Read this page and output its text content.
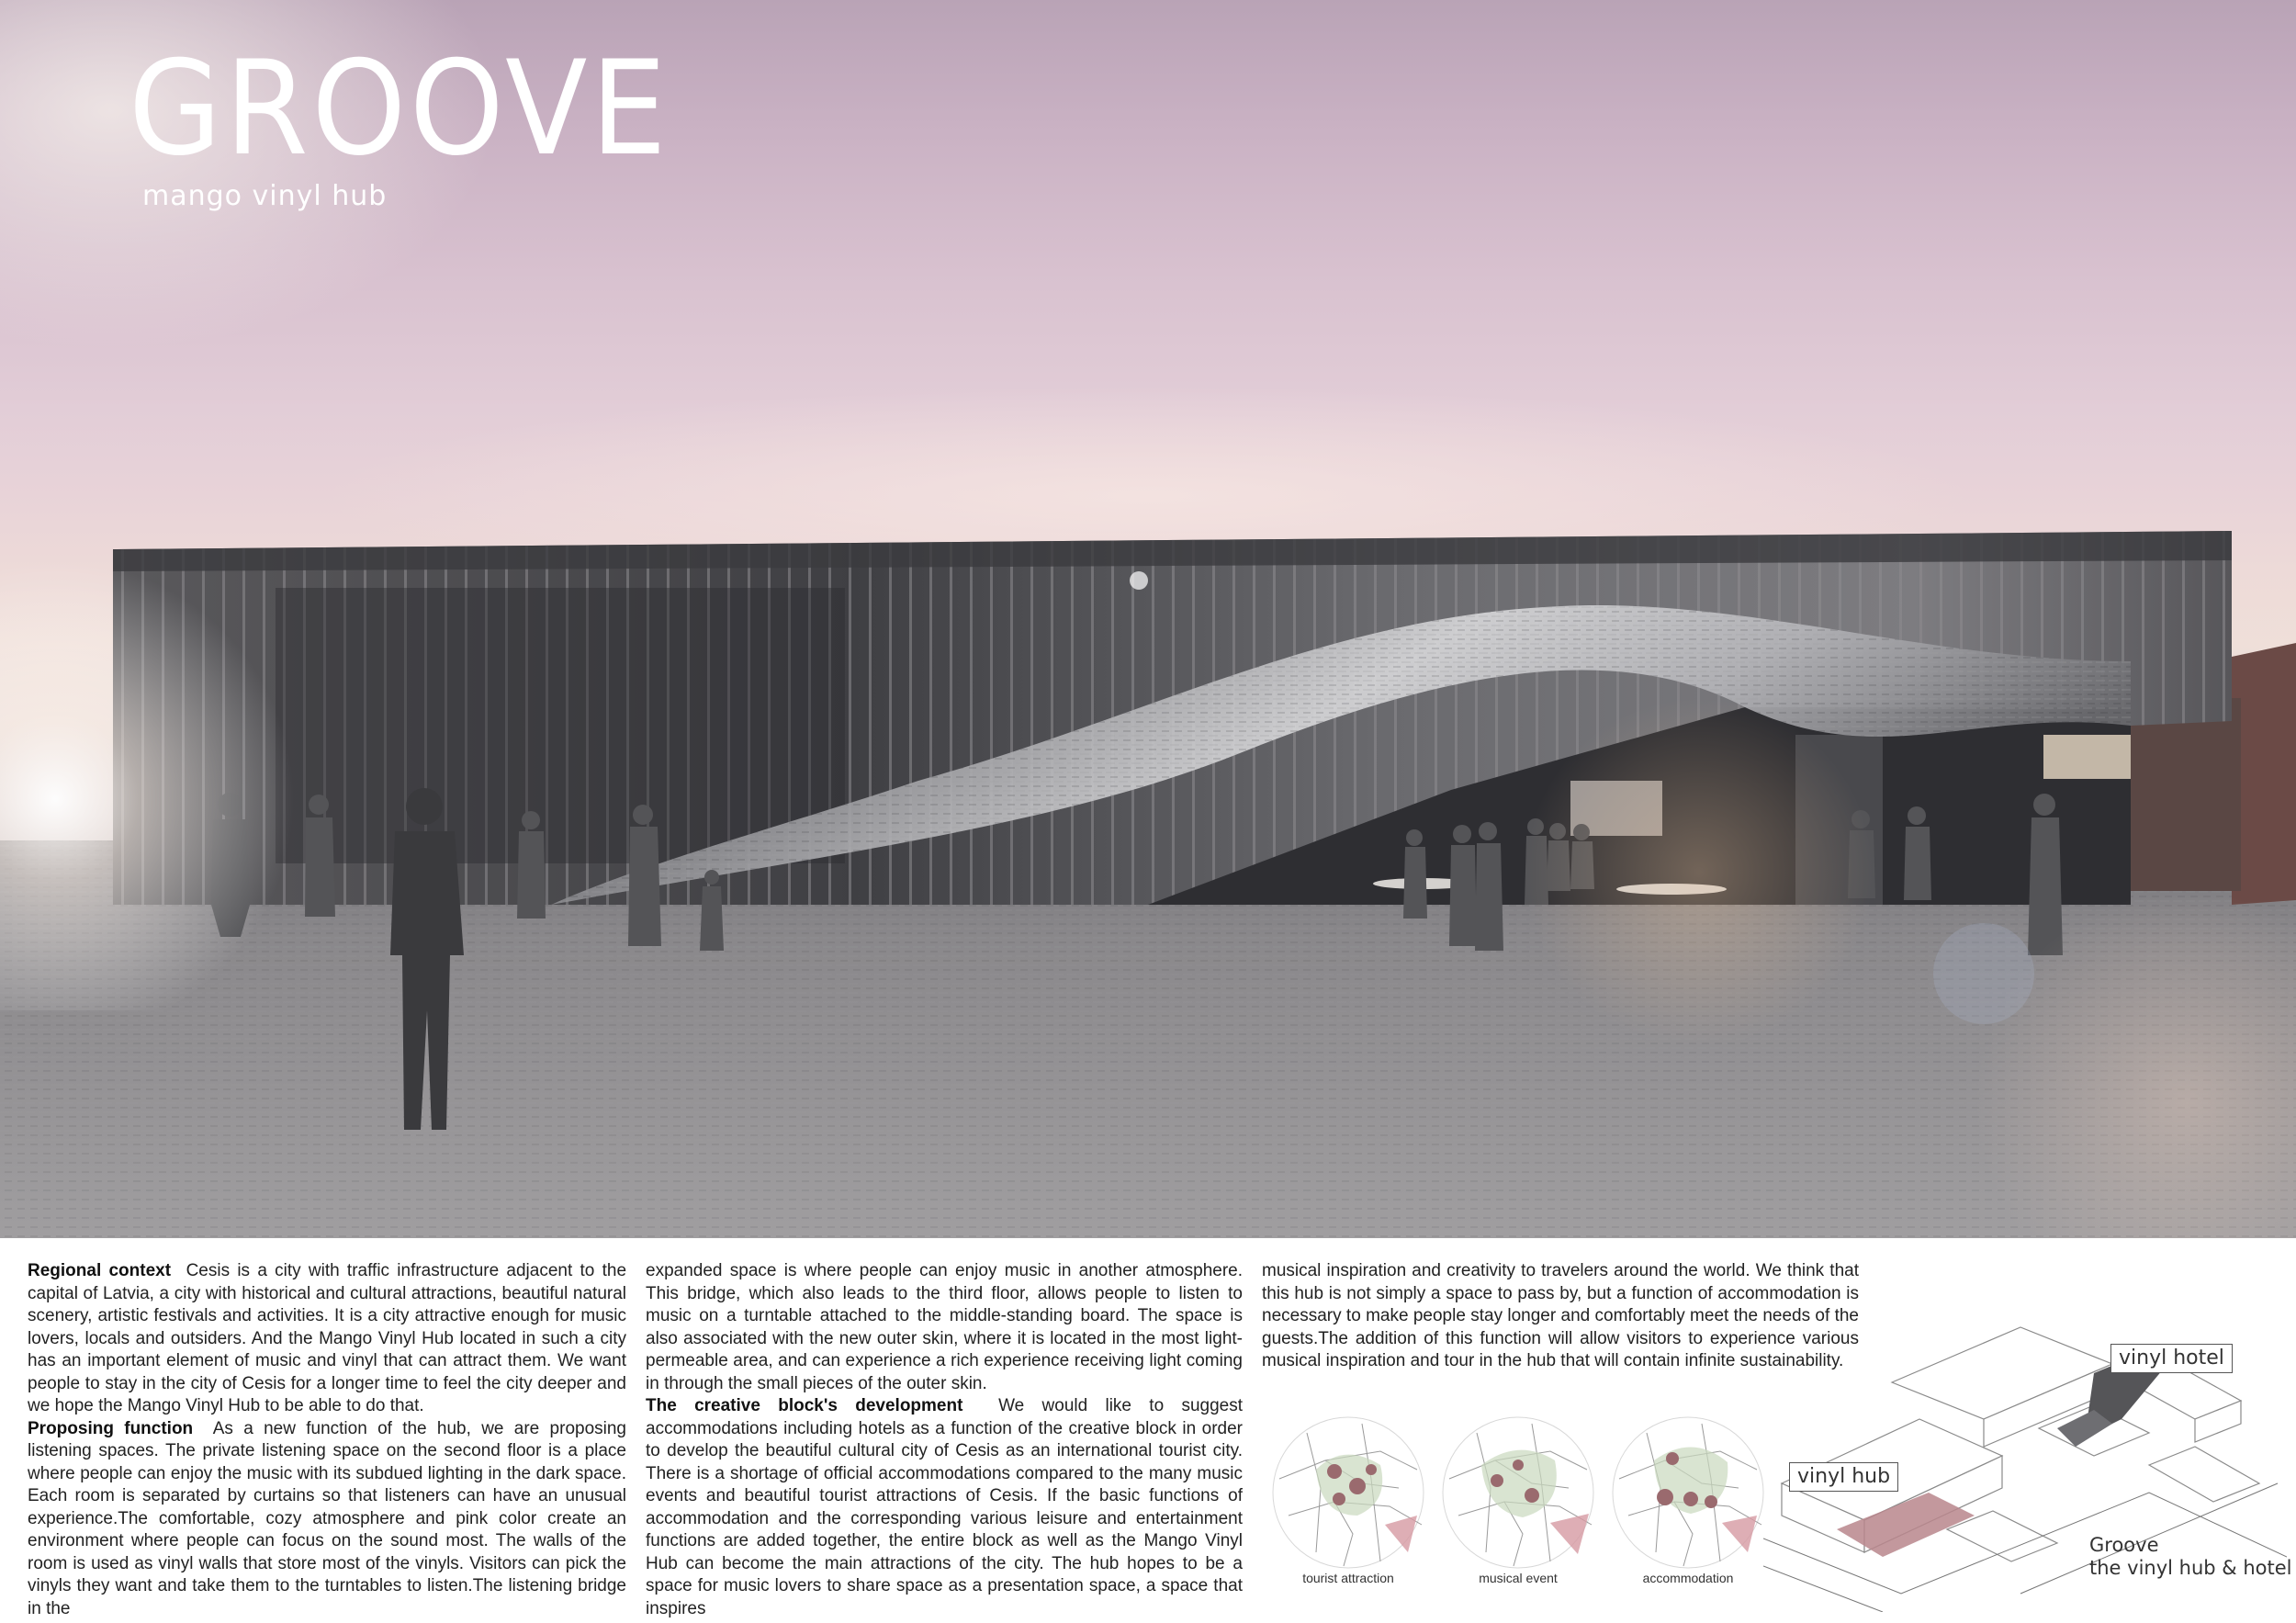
GROOVE
mango vinyl hub

Regional context Cesis is a city with traffic infrastructure adjacent to the capital of Latvia, a city with historical and cultural attractions, beautiful natural scenery, artistic festivals and activities. It is a city attractive enough for music lovers, locals and outsiders. And the Mango Vinyl Hub located in such a city has an important element of music and vinyl that can attract them. We want people to stay in the city of Cesis for a longer time to feel the city deeper and we hope the Mango Vinyl Hub to be able to do that.

Proposing function As a new function of the hub, we are proposing listening spaces. The private listening space on the second floor is a place where people can enjoy the music with its subdued lighting in the dark space. Each room is separated by curtains so that listeners can have an unusual experience.The comfortable, cozy atmosphere and pink color create an environment where people can focus on the sound most. The walls of the room is used as vinyl walls that store most of the vinyls. Visitors can pick the vinyls they want and take them to the turntables to listen.The listening bridge in the

expanded space is where people can enjoy music in another atmosphere. This bridge, which also leads to the third floor, allows people to listen to music on a turntable attached to the middle-standing board. The space is also associated with the new outer skin, where it is located in the most light-permeable area, and can experience a rich experience receiving light coming in through the small pieces of the outer skin.

The creative block's development We would like to suggest accommodations including hotels as a function of the creative block in order to develop the beautiful cultural city of Cesis as an international tourist city. There is a shortage of official accommodations compared to the many music events and beautiful tourist attractions of Cesis. If the basic functions of accommodation and the corresponding various leisure and entertainment functions are added together, the entire block as well as the Mango Vinyl Hub can become the main attractions of the city. The hub hopes to be a space for music lovers to share space as a presentation space, a space that inspires

musical inspiration and creativity to travelers around the world. We think that this hub is not simply a space to pass by, but a function of accommodation is necessary to make people stay longer and comfortably meet the needs of the guests.The addition of this function will allow visitors to experience various musical inspiration and tour in the hub that will contain infinite sustainability.

tourist attraction	musical event	accommodation
vinyl hotel
vinyl hub
Groove
the vinyl hub & hotel
